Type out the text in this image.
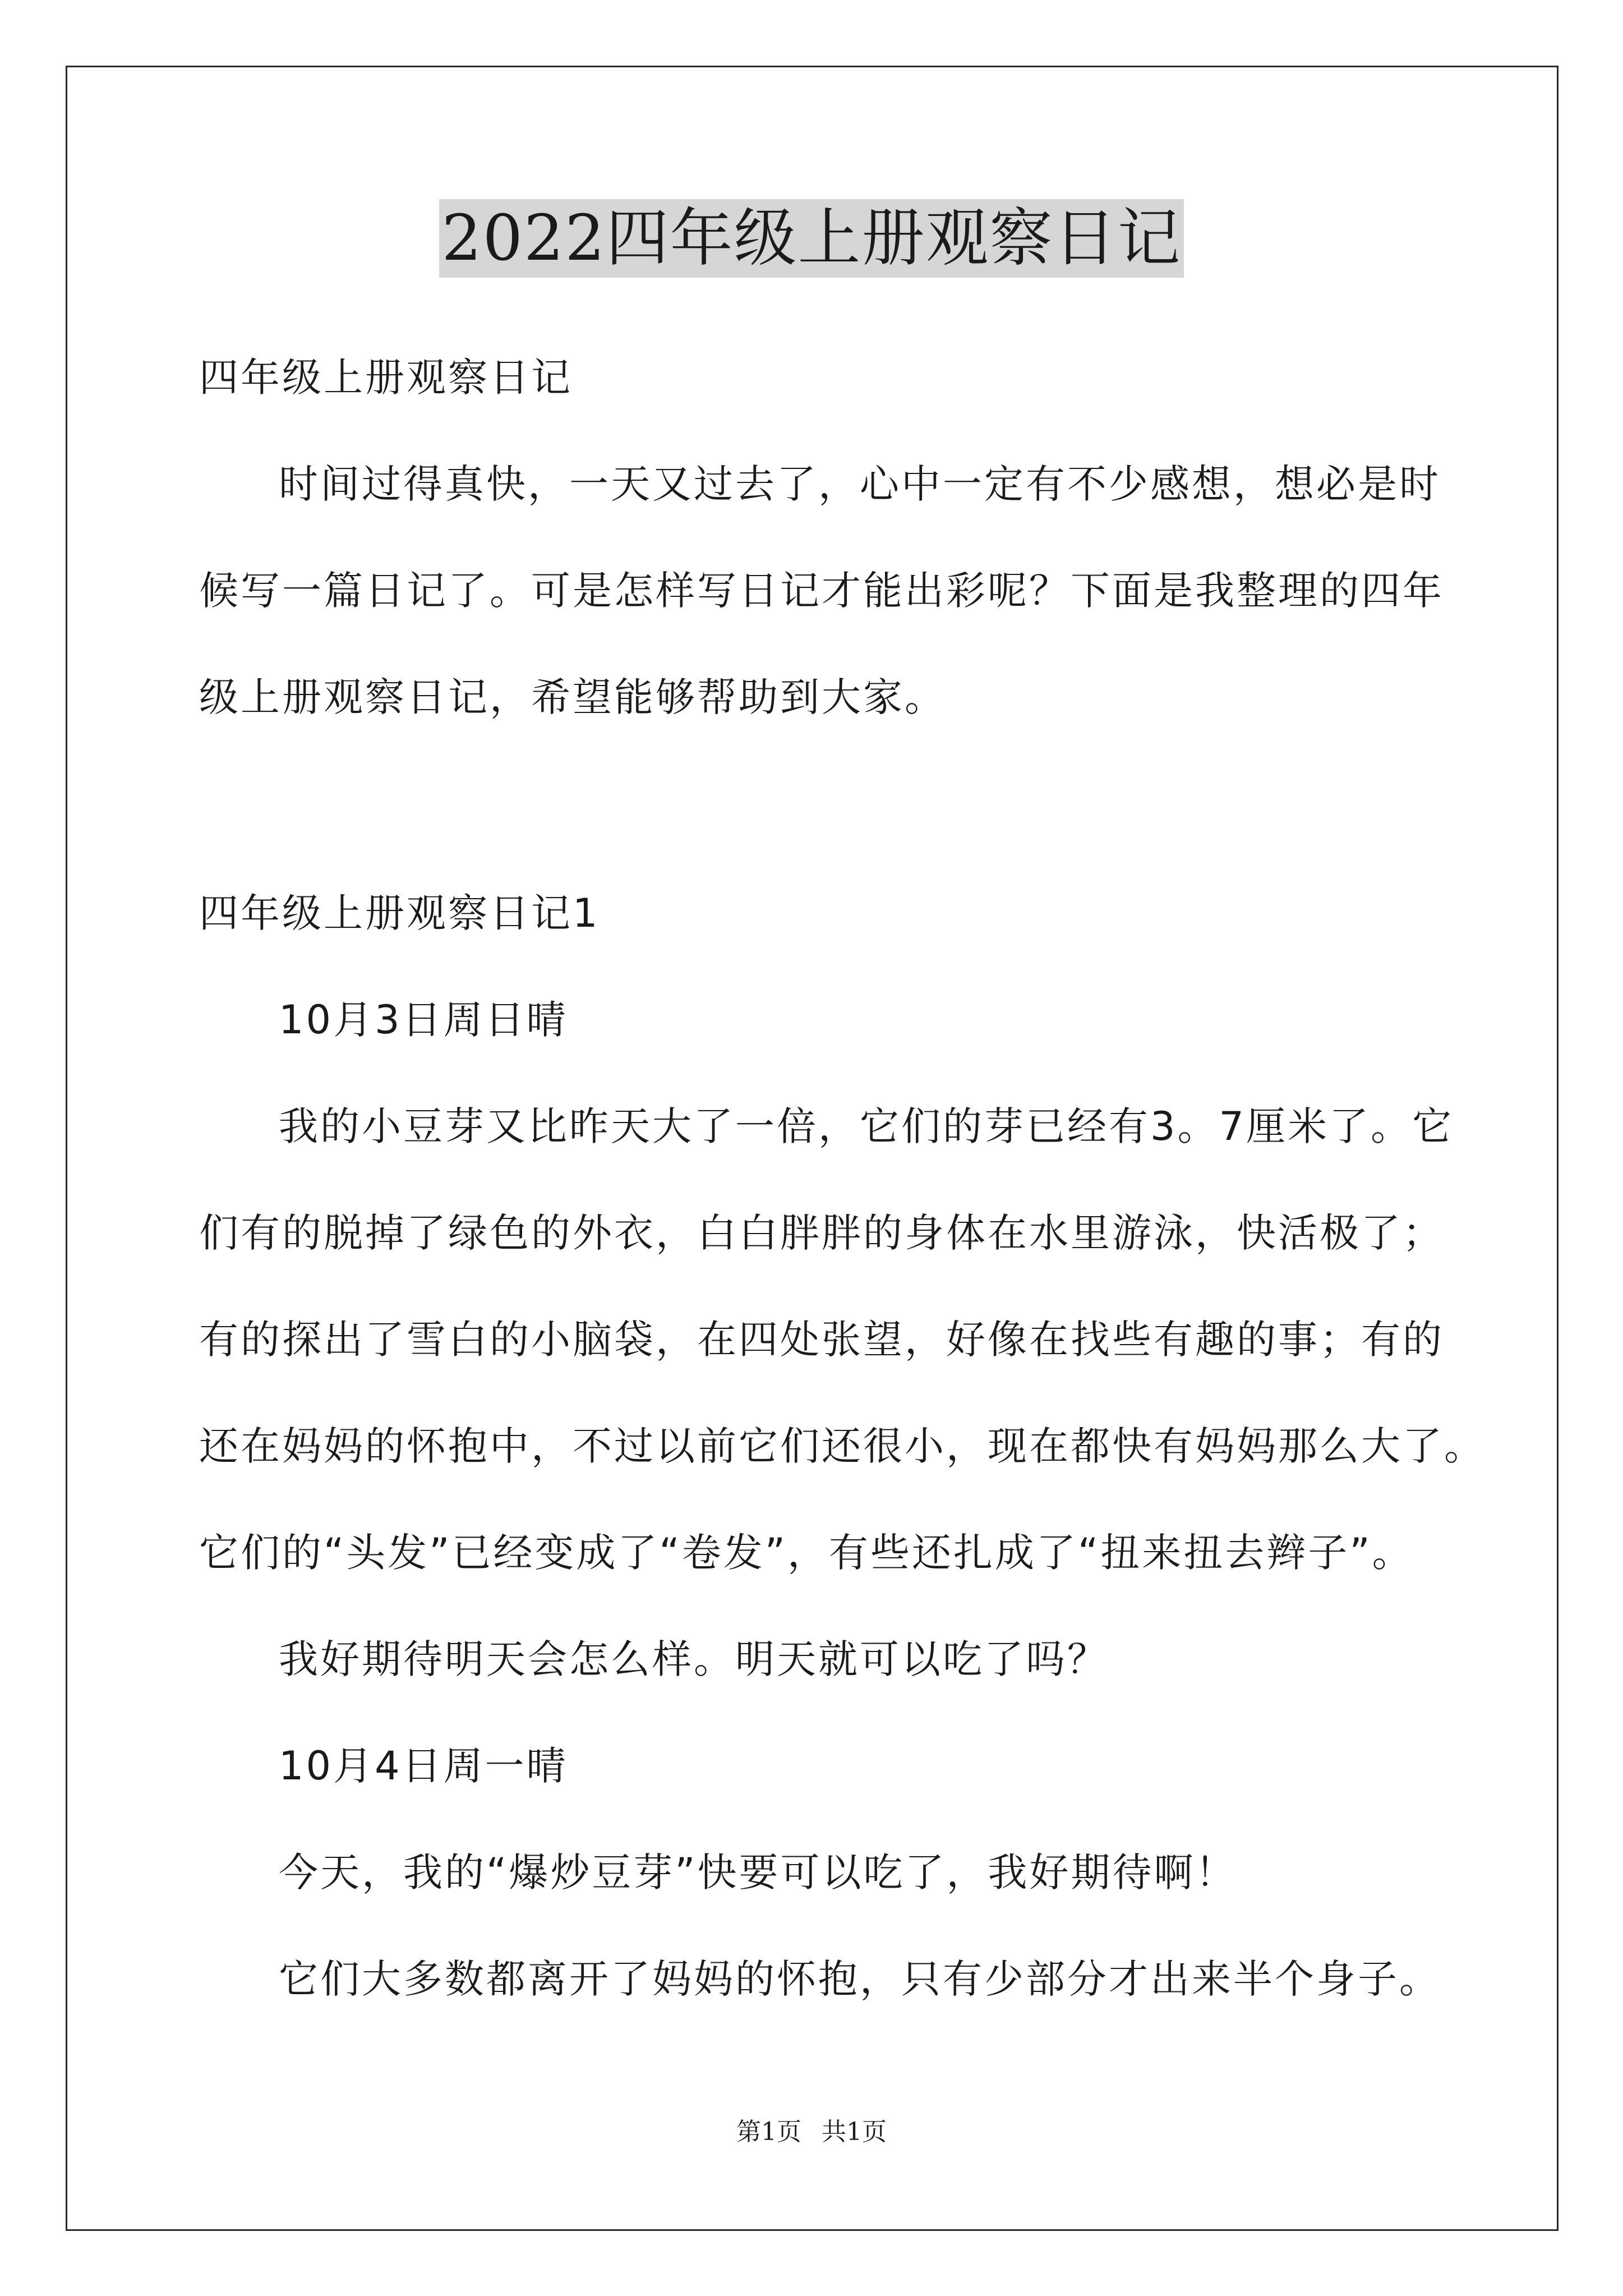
2022四年级上册观察日记
四年级上册观察日记
时间过得真快，一天又过去了，心中一定有不少感想，想必是时
候写一篇日记了。可是怎样写日记才能出彩呢？下面是我整理的四年
级上册观察日记，希望能够帮助到大家。
四年级上册观察日记1
10月3日周日晴
我的小豆芽又比昨天大了一倍，它们的芽已经有3。7厘米了。它
们有的脱掉了绿色的外衣，白白胖胖的身体在水里游泳，快活极了；
有的探出了雪白的小脑袋，在四处张望，好像在找些有趣的事；有的
还在妈妈的怀抱中，不过以前它们还很小，现在都快有妈妈那么大了。
它们的“头发”已经变成了“卷发”，有些还扎成了“扭来扭去辫子”。
我好期待明天会怎么样。明天就可以吃了吗？
10月4日周一晴
今天，我的“爆炒豆芽”快要可以吃了，我好期待啊！
它们大多数都离开了妈妈的怀抱，只有少部分才出来半个身子。
第1页 共1页
